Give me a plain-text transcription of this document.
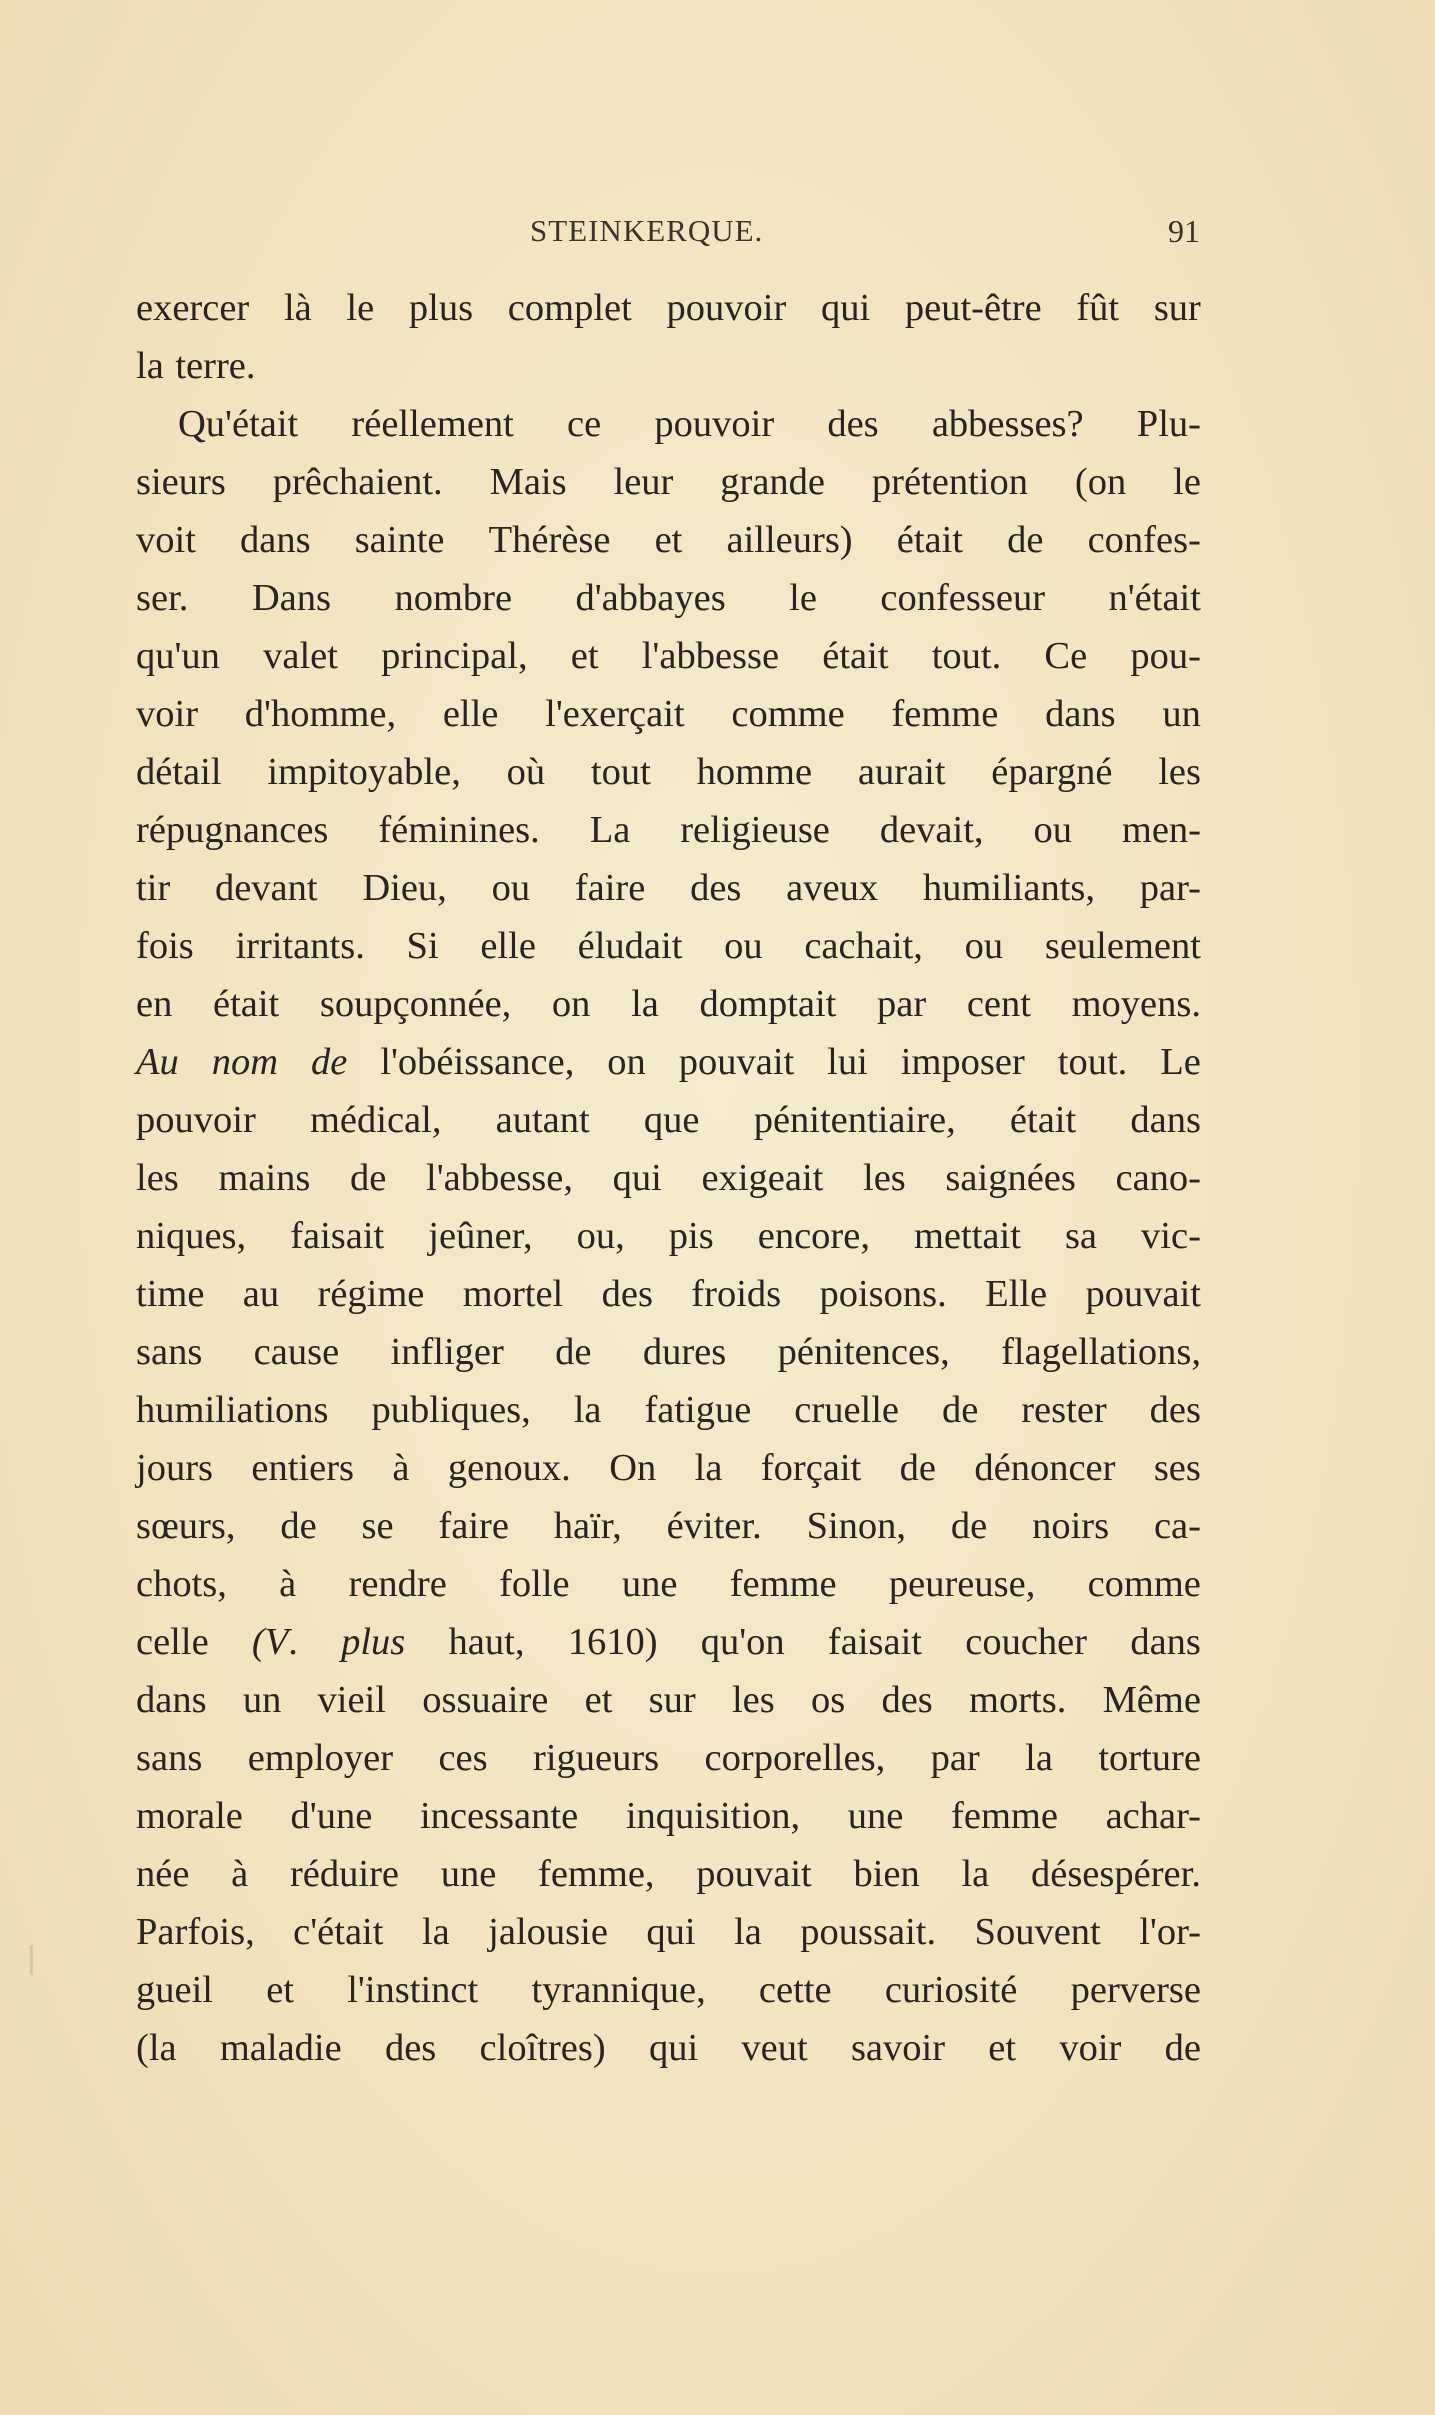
STEINKERQUE.	91
exercer là le plus complet pouvoir qui peut-être fût sur
la terre.
Qu'était réellement ce pouvoir des abbesses? Plu-
sieurs prêchaient. Mais leur grande prétention (on le
voit dans sainte Thérèse et ailleurs) était de confes-
ser. Dans nombre d'abbayes le confesseur n'était
qu'un valet principal, et l'abbesse était tout. Ce pou-
voir d'homme, elle l'exerçait comme femme dans un
détail impitoyable, où tout homme aurait épargné les
répugnances féminines. La religieuse devait, ou men-
tir devant Dieu, ou faire des aveux humiliants, par-
fois irritants. Si elle éludait ou cachait, ou seulement
en était soupçonnée, on la domptait par cent moyens.
Au nom de l'obéissance, on pouvait lui imposer tout. Le
pouvoir médical, autant que pénitentiaire, était dans
les mains de l'abbesse, qui exigeait les saignées cano-
niques, faisait jeûner, ou, pis encore, mettait sa vic-
time au régime mortel des froids poisons. Elle pouvait
sans cause infliger de dures pénitences, flagellations,
humiliations publiques, la fatigue cruelle de rester des
jours entiers à genoux. On la forçait de dénoncer ses
sœurs, de se faire haïr, éviter. Sinon, de noirs ca-
chots, à rendre folle une femme peureuse, comme
celle (V. plus haut, 1610) qu'on faisait coucher dans
dans un vieil ossuaire et sur les os des morts. Même
sans employer ces rigueurs corporelles, par la torture
morale d'une incessante inquisition, une femme achar-
née à réduire une femme, pouvait bien la désespérer.
Parfois, c'était la jalousie qui la poussait. Souvent l'or-
gueil et l'instinct tyrannique, cette curiosité perverse
(la maladie des cloîtres) qui veut savoir et voir de
